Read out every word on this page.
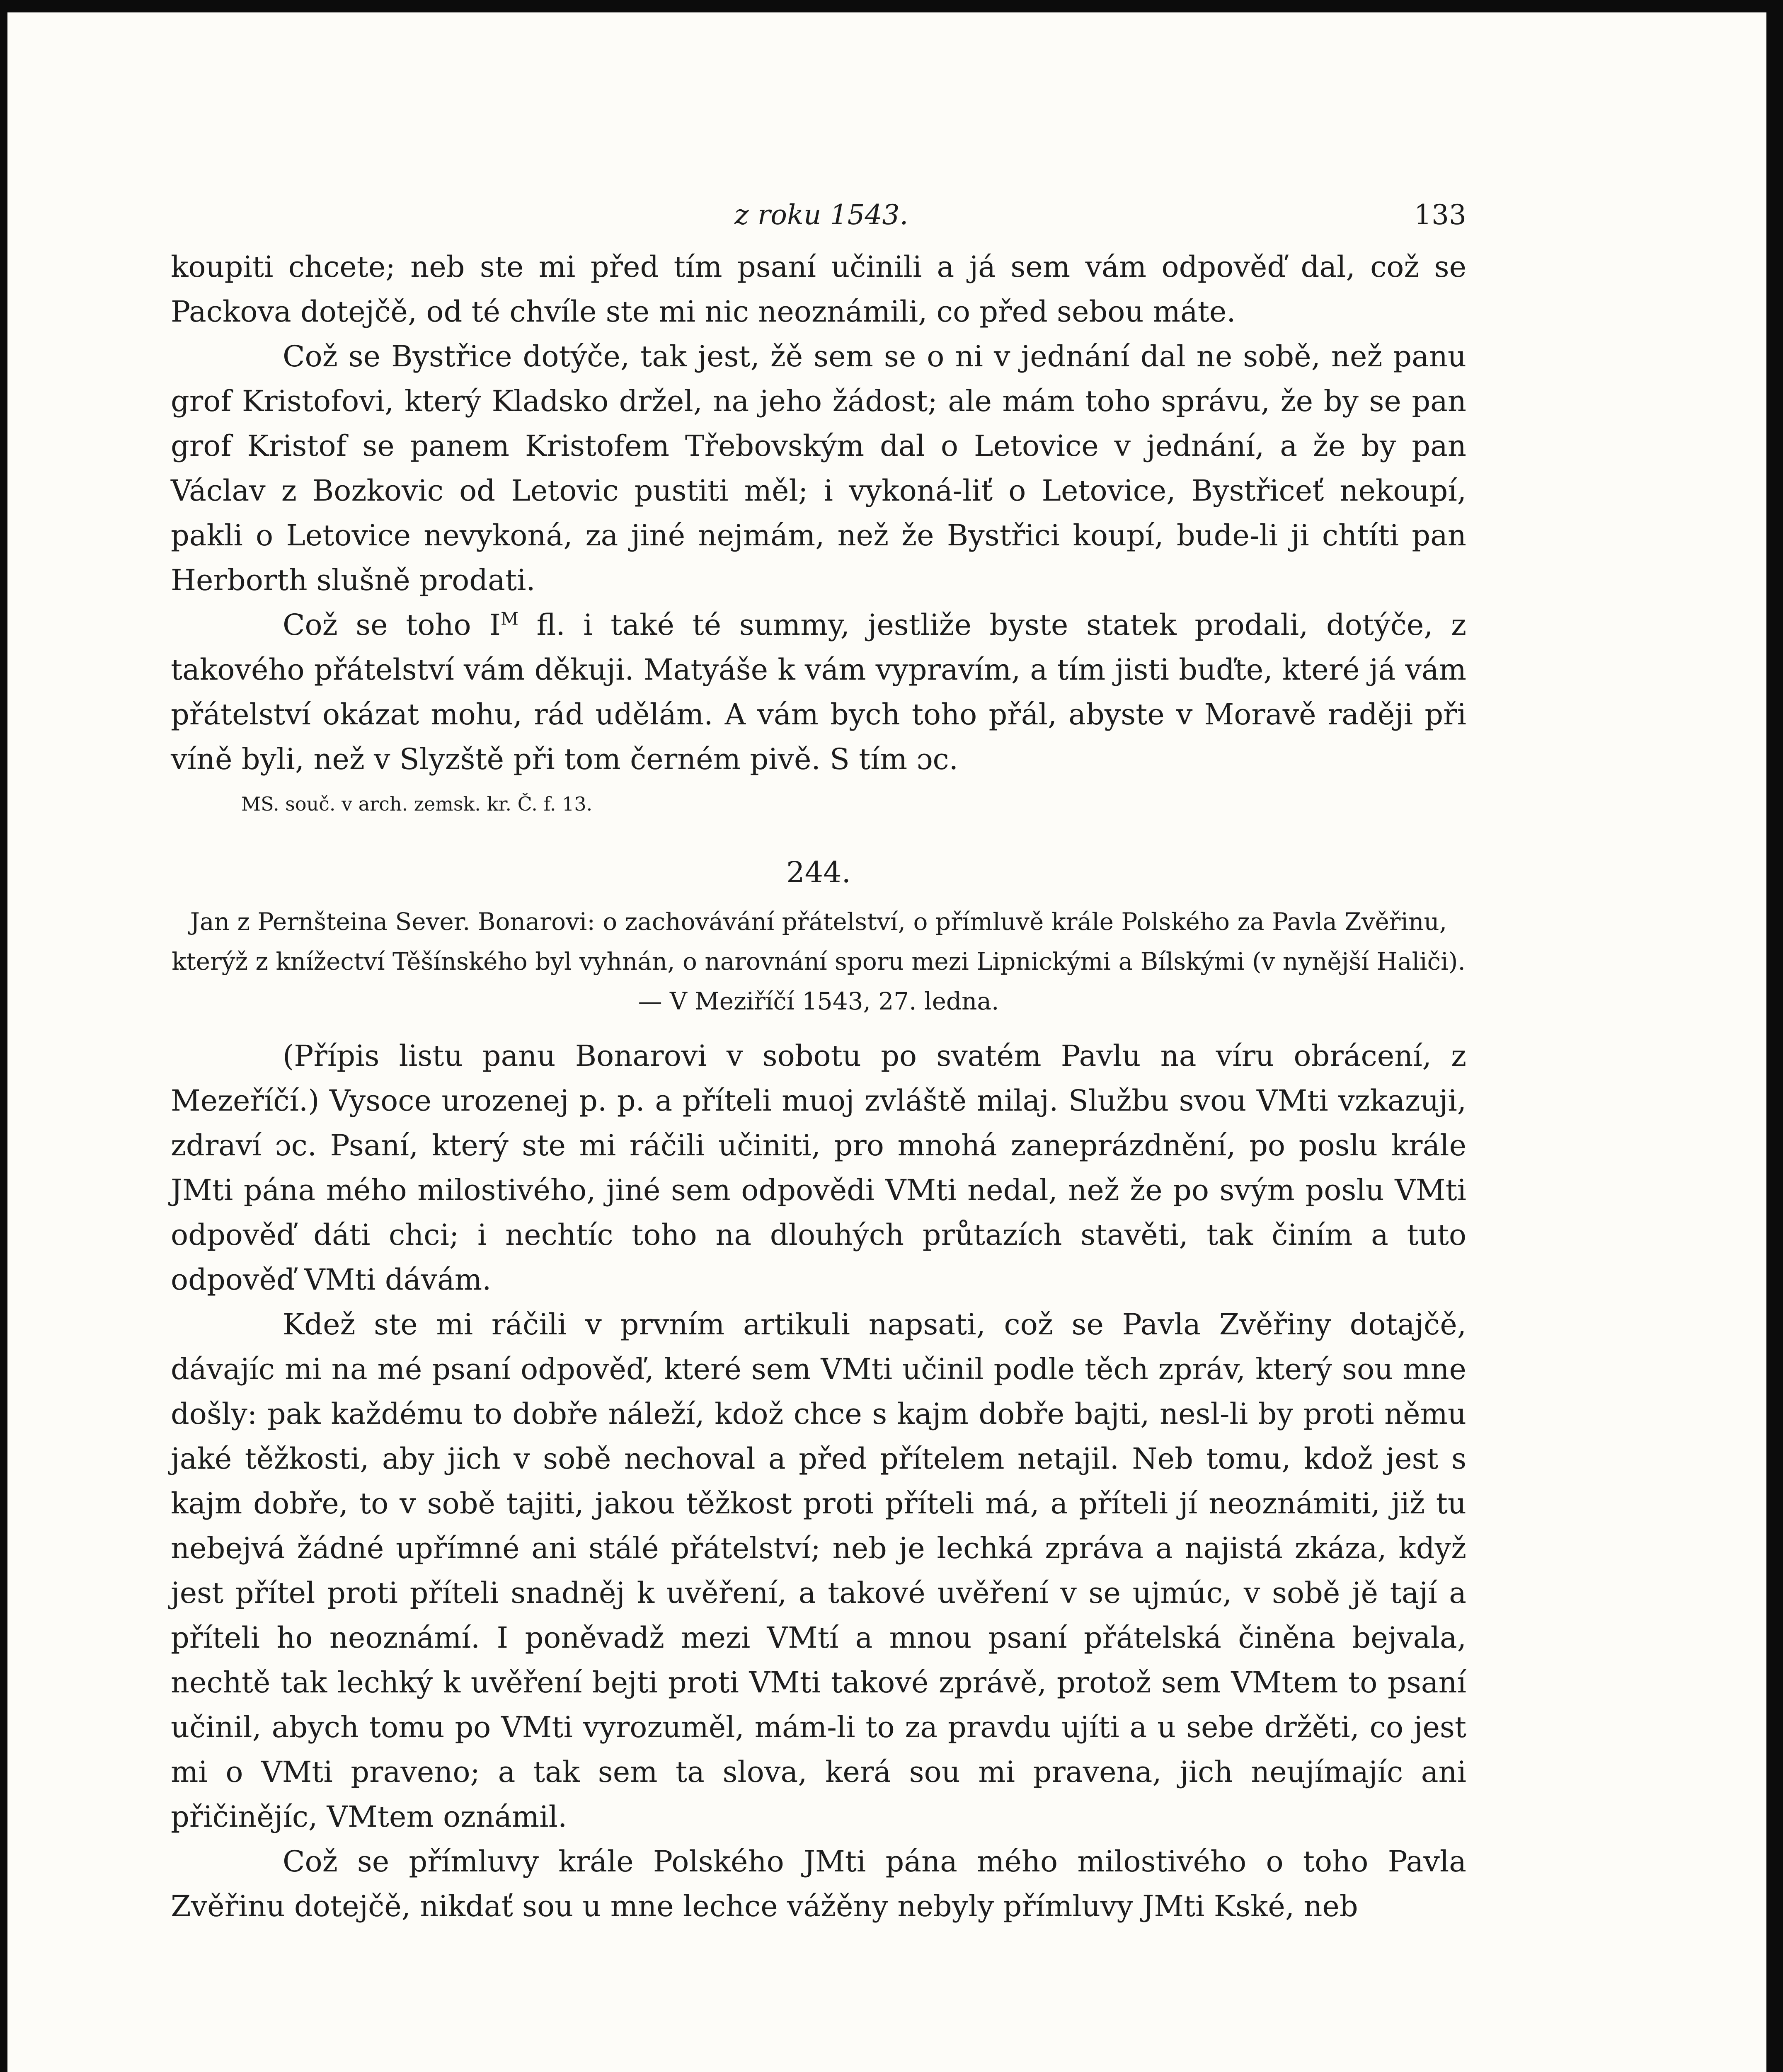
z roku 1543.	133

koupiti chcete; neb ste mi před tím psaní učinili a já sem vám odpověď dal, což se Packova dotejčě, od té chvíle ste mi nic neoznámili, co před sebou máte.

Což se Bystřice dotýče, tak jest, žě sem se o ni v jednání dal ne sobě, než panu grof Kristofovi, který Kladsko držel, na jeho žádost; ale mám toho správu, že by se pan grof Kristof se panem Kristofem Třebovským dal o Letovice v jednání, a že by pan Václav z Bozkovic od Letovic pustiti měl; i vykoná-liť o Letovice, Bystřiceť nekoupí, pakli o Letovice nevykoná, za jiné nejmám, než že Bystřici koupí, bude-li ji chtíti pan Herborth slušně prodati.

Což se toho $I^M$ fl. i také té summy, jestliže byste statek prodali, dotýče, z takového přátelství vám děkuji. Matyáše k vám vypravím, a tím jisti buďte, které já vám přátelství okázat mohu, rád udělám. A vám bych toho přál, abyste v Moravě raději při víně byli, než v Slyzště při tom černém pivě. S tím ɔc.

MS. souč. v arch. zemsk. kr. Č. f. 13.
244.
Jan z Pernšteina Sever. Bonarovi: o zachovávání přátelství, o přímluvě krále Polského za Pavla Zvěřinu, kterýž z knížectví Těšínského byl vyhnán, o narovnání sporu mezi Lipnickými a Bílskými (v nynější Haliči). — V Meziříčí 1543, 27. ledna.

(Přípis listu panu Bonarovi v sobotu po svatém Pavlu na víru obrácení, z Mezeříčí.) Vysoce urozenej p. p. a příteli muoj zvláště milaj. Službu svou VMti vzkazuji, zdraví ɔc. Psaní, který ste mi ráčili učiniti, pro mnohá zaneprázdnění, po poslu krále JMti pána mého milostivého, jiné sem odpovědi VMti nedal, než že po svým poslu VMti odpověď dáti chci; i nechtíc toho na dlouhých průtazích stavěti, tak činím a tuto odpověď VMti dávám.

Kdež ste mi ráčili v prvním artikuli napsati, což se Pavla Zvěřiny dotajčě, dávajíc mi na mé psaní odpověď, které sem VMti učinil podle těch zpráv, který sou mne došly: pak každému to dobře náleží, kdož chce s kajm dobře bajti, nesl-li by proti němu jaké těžkosti, aby jich v sobě nechoval a před přítelem netajil. Neb tomu, kdož jest s kajm dobře, to v sobě tajiti, jakou těžkost proti příteli má, a příteli jí neoznámiti, již tu nebejvá žádné upřímné ani stálé přátelství; neb je lechká zpráva a najistá zkáza, když jest přítel proti příteli snadněj k uvěření, a takové uvěření v se ujmúc, v sobě jě tají a příteli ho neoznámí. I poněvadž mezi VMtí a mnou psaní přátelská činěna bejvala, nechtě tak lechký k uvěření bejti proti VMti takové zprávě, protož sem VMtem to psaní učinil, abych tomu po VMti vyrozuměl, mám-li to za pravdu ujíti a u sebe držěti, co jest mi o VMti praveno; a tak sem ta slova, kerá sou mi pravena, jich neujímajíc ani přičinějíc, VMtem oznámil.

Což se přímluvy krále Polského JMti pána mého milostivého o toho Pavla Zvěřinu dotejčě, nikdať sou u mne lechce vážěny nebyly přímluvy JMti Kské, neb
